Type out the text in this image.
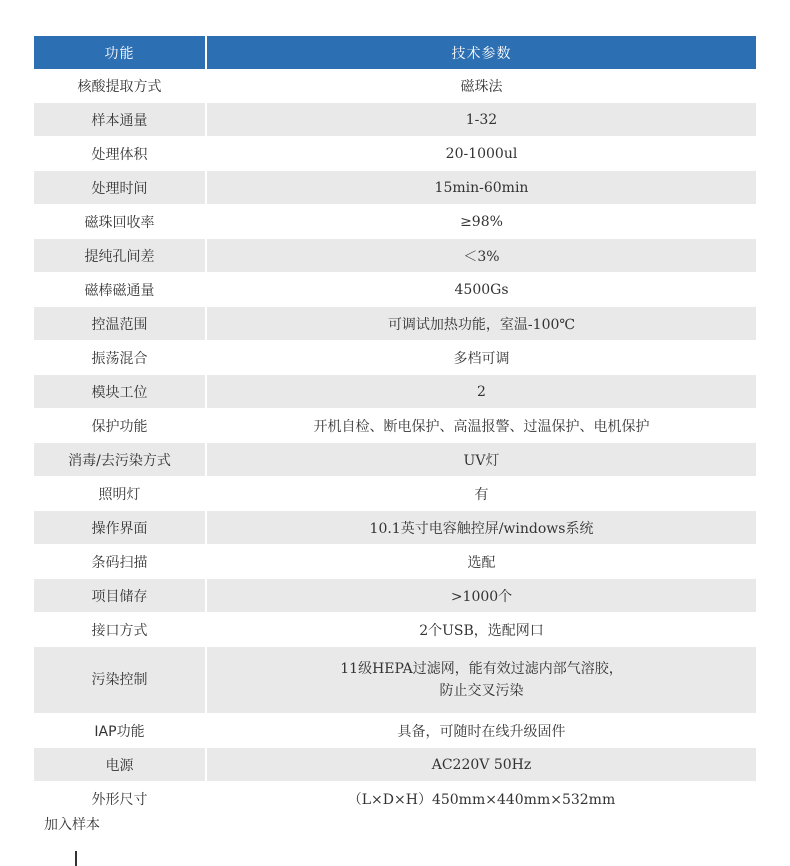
功能	技术参数
核酸提取方式	磁珠法
样本通量	1-32
处理体积	20-1000ul
处理时间	15min-60min
磁珠回收率	≥98%
提纯孔间差	＜3%
磁棒磁通量	4500Gs
控温范围	可调试加热功能，室温-100℃
振荡混合	多档可调
模块工位	2
保护功能	开机自检、断电保护、高温报警、过温保护、电机保护
消毒/去污染方式	UV灯
照明灯	有
操作界面	10.1英寸电容触控屏/windows系统
条码扫描	选配
项目储存	>1000个
接口方式	2个USB，选配网口
污染控制	11级HEPA过滤网，能有效过滤内部气溶胶，
防止交叉污染

IAP功能	具备，可随时在线升级固件
电源	AC220V 50Hz
外形尺寸	（L×D×H）450mm×440mm×532mm
加入样本
